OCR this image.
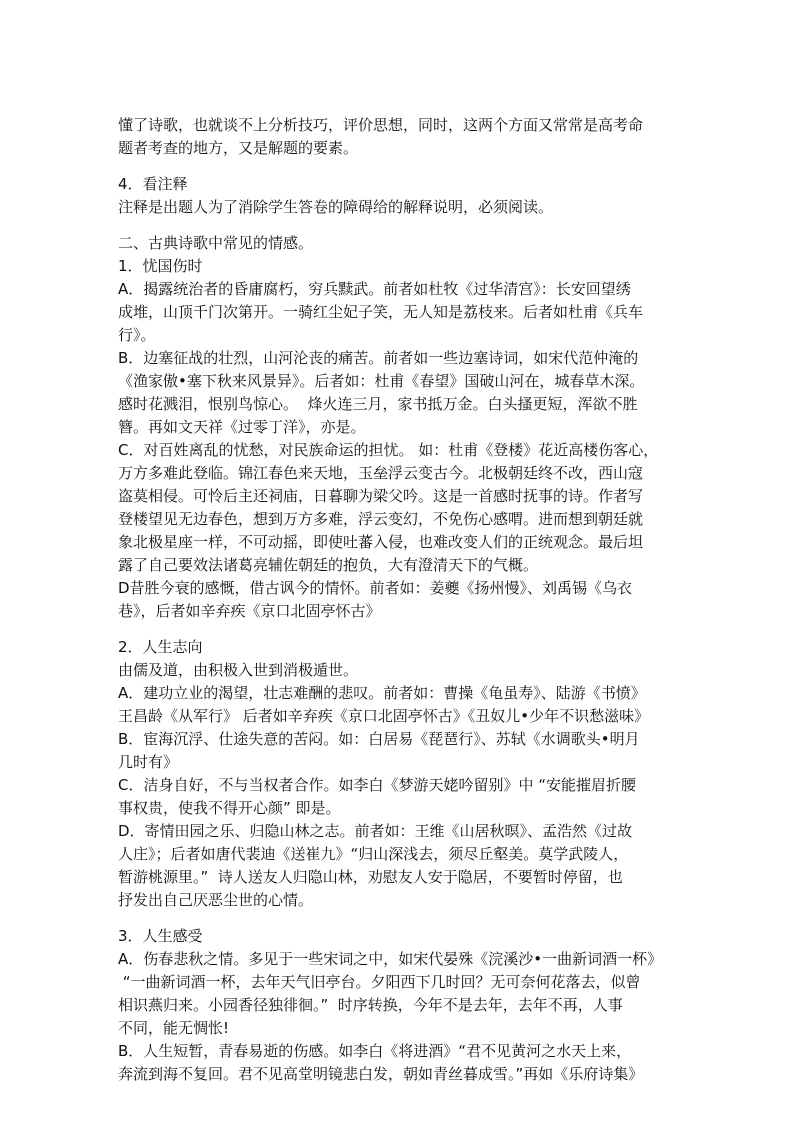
懂了诗歌，也就谈不上分析技巧，评价思想，同时，这两个方面又常常是高考命
题者考查的地方，又是解题的要素。
4．看注释
注释是出题人为了消除学生答卷的障碍给的解释说明，必须阅读。
二、古典诗歌中常见的情感。
1．忧国伤时
A．揭露统治者的昏庸腐朽，穷兵黩武。前者如杜牧《过华清宫》：长安回望绣
成堆，山顶千门次第开。一骑红尘妃子笑，无人知是荔枝来。后者如杜甫《兵车
行》。
B．边塞征战的壮烈，山河沦丧的痛苦。前者如一些边塞诗词，如宋代范仲淹的
《渔家傲•塞下秋来风景异》。后者如：杜甫《春望》国破山河在，城春草木深。
感时花溅泪，恨别鸟惊心。  烽火连三月，家书抵万金。白头搔更短，浑欲不胜
簪。再如文天祥《过零丁洋》，亦是。
C．对百姓离乱的忧愁，对民族命运的担忧。 如：杜甫《登楼》花近高楼伤客心，
万方多难此登临。锦江春色来天地，玉垒浮云变古今。北极朝廷终不改，西山寇
盗莫相侵。可怜后主还祠庙，日暮聊为梁父吟。这是一首感时抚事的诗。作者写
登楼望见无边春色，想到万方多难，浮云变幻，不免伤心感喟。进而想到朝廷就
象北极星座一样，不可动摇，即使吐蕃入侵，也难改变人们的正统观念。最后坦
露了自己要效法诸葛亮辅佐朝廷的抱负，大有澄清天下的气概。
D昔胜今衰的感慨，借古讽今的情怀。前者如：姜夔《扬州慢》、刘禹锡《乌衣
巷》，后者如辛弃疾《京口北固亭怀古》
2．人生志向
由儒及道，由积极入世到消极遁世。
A．建功立业的渴望，壮志难酬的悲叹。前者如：曹操《龟虽寿》、陆游《书愤》
王昌龄《从军行》 后者如辛弃疾《京口北固亭怀古》《丑奴儿•少年不识愁滋味》
B．宦海沉浮、仕途失意的苦闷。如：白居易《琵琶行》、苏轼《水调歌头•明月
几时有》
C．洁身自好，不与当权者合作。如李白《梦游天姥吟留别》中 “安能摧眉折腰
事权贵，使我不得开心颜” 即是。
D．寄情田园之乐、归隐山林之志。前者如：王维《山居秋暝》、孟浩然《过故
人庄》；后者如唐代裴迪《送崔九》“归山深浅去，须尽丘壑美。莫学武陵人，
暂游桃源里。”  诗人送友人归隐山林，劝慰友人安于隐居，不要暂时停留，也
抒发出自己厌恶尘世的心情。
3．人生感受
A．伤春悲秋之情。多见于一些宋词之中，如宋代晏殊《浣溪沙•一曲新词酒一杯》
“一曲新词酒一杯，去年天气旧亭台。夕阳西下几时回？无可奈何花落去，似曾
相识燕归来。小园香径独徘徊。”  时序转换，今年不是去年，去年不再，人事
不同，能无惆怅!
B．人生短暂，青春易逝的伤感。如李白《将进酒》“君不见黄河之水天上来，
奔流到海不复回。君不见高堂明镜悲白发，朝如青丝暮成雪。”再如《乐府诗集》
